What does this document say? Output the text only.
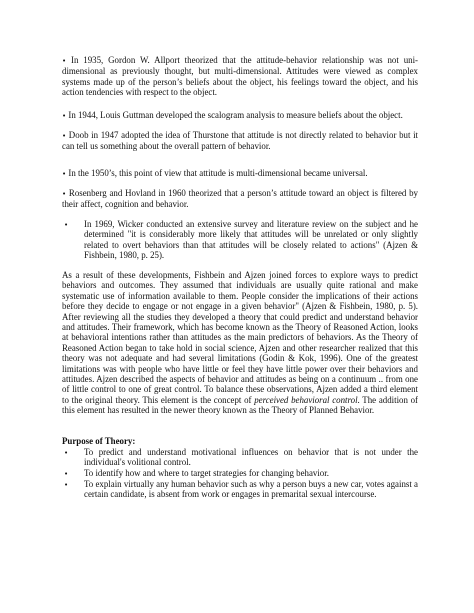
• In 1935, Gordon W. Allport theorized that the attitude-behavior relationship was not uni-dimensional as previously thought, but multi-dimensional. Attitudes were viewed as complex systems made up of the person’s beliefs about the object, his feelings toward the object, and his action tendencies with respect to the object.

• In 1944, Louis Guttman developed the scalogram analysis to measure beliefs about the object.

• Doob in 1947 adopted the idea of Thurstone that attitude is not directly related to behavior but it can tell us something about the overall pattern of behavior.

• In the 1950’s, this point of view that attitude is multi-dimensional became universal.

• Rosenberg and Hovland in 1960 theorized that a person’s attitude toward an object is filtered by their affect, cognition and behavior.

• In 1969, Wicker conducted an extensive survey and literature review on the subject and he determined "it is considerably more likely that attitudes will be unrelated or only slightly related to overt behaviors than that attitudes will be closely related to actions" (Ajzen & Fishbein, 1980, p. 25).

As a result of these developments, Fishbein and Ajzen joined forces to explore ways to predict behaviors and outcomes. They assumed that individuals are usually quite rational and make systematic use of information available to them. People consider the implications of their actions before they decide to engage or not engage in a given behavior" (Ajzen & Fishbein, 1980, p. 5). After reviewing all the studies they developed a theory that could predict and understand behavior and attitudes. Their framework, which has become known as the Theory of Reasoned Action, looks at behavioral intentions rather than attitudes as the main predictors of behaviors. As the Theory of Reasoned Action began to take hold in social science, Ajzen and other researcher realized that this theory was not adequate and had several limitations (Godin & Kok, 1996). One of the greatest limitations was with people who have little or feel they have little power over their behaviors and attitudes. Ajzen described the aspects of behavior and attitudes as being on a continuum .. from one of little control to one of great control. To balance these observations, Ajzen added a third element to the original theory. This element is the concept of perceived behavioral control. The addition of this element has resulted in the newer theory known as the Theory of Planned Behavior.

Purpose of Theory:
• To predict and understand motivational influences on behavior that is not under the individual's volitional control.

• To identify how and where to target strategies for changing behavior.

• To explain virtually any human behavior such as why a person buys a new car, votes against a certain candidate, is absent from work or engages in premarital sexual intercourse.
